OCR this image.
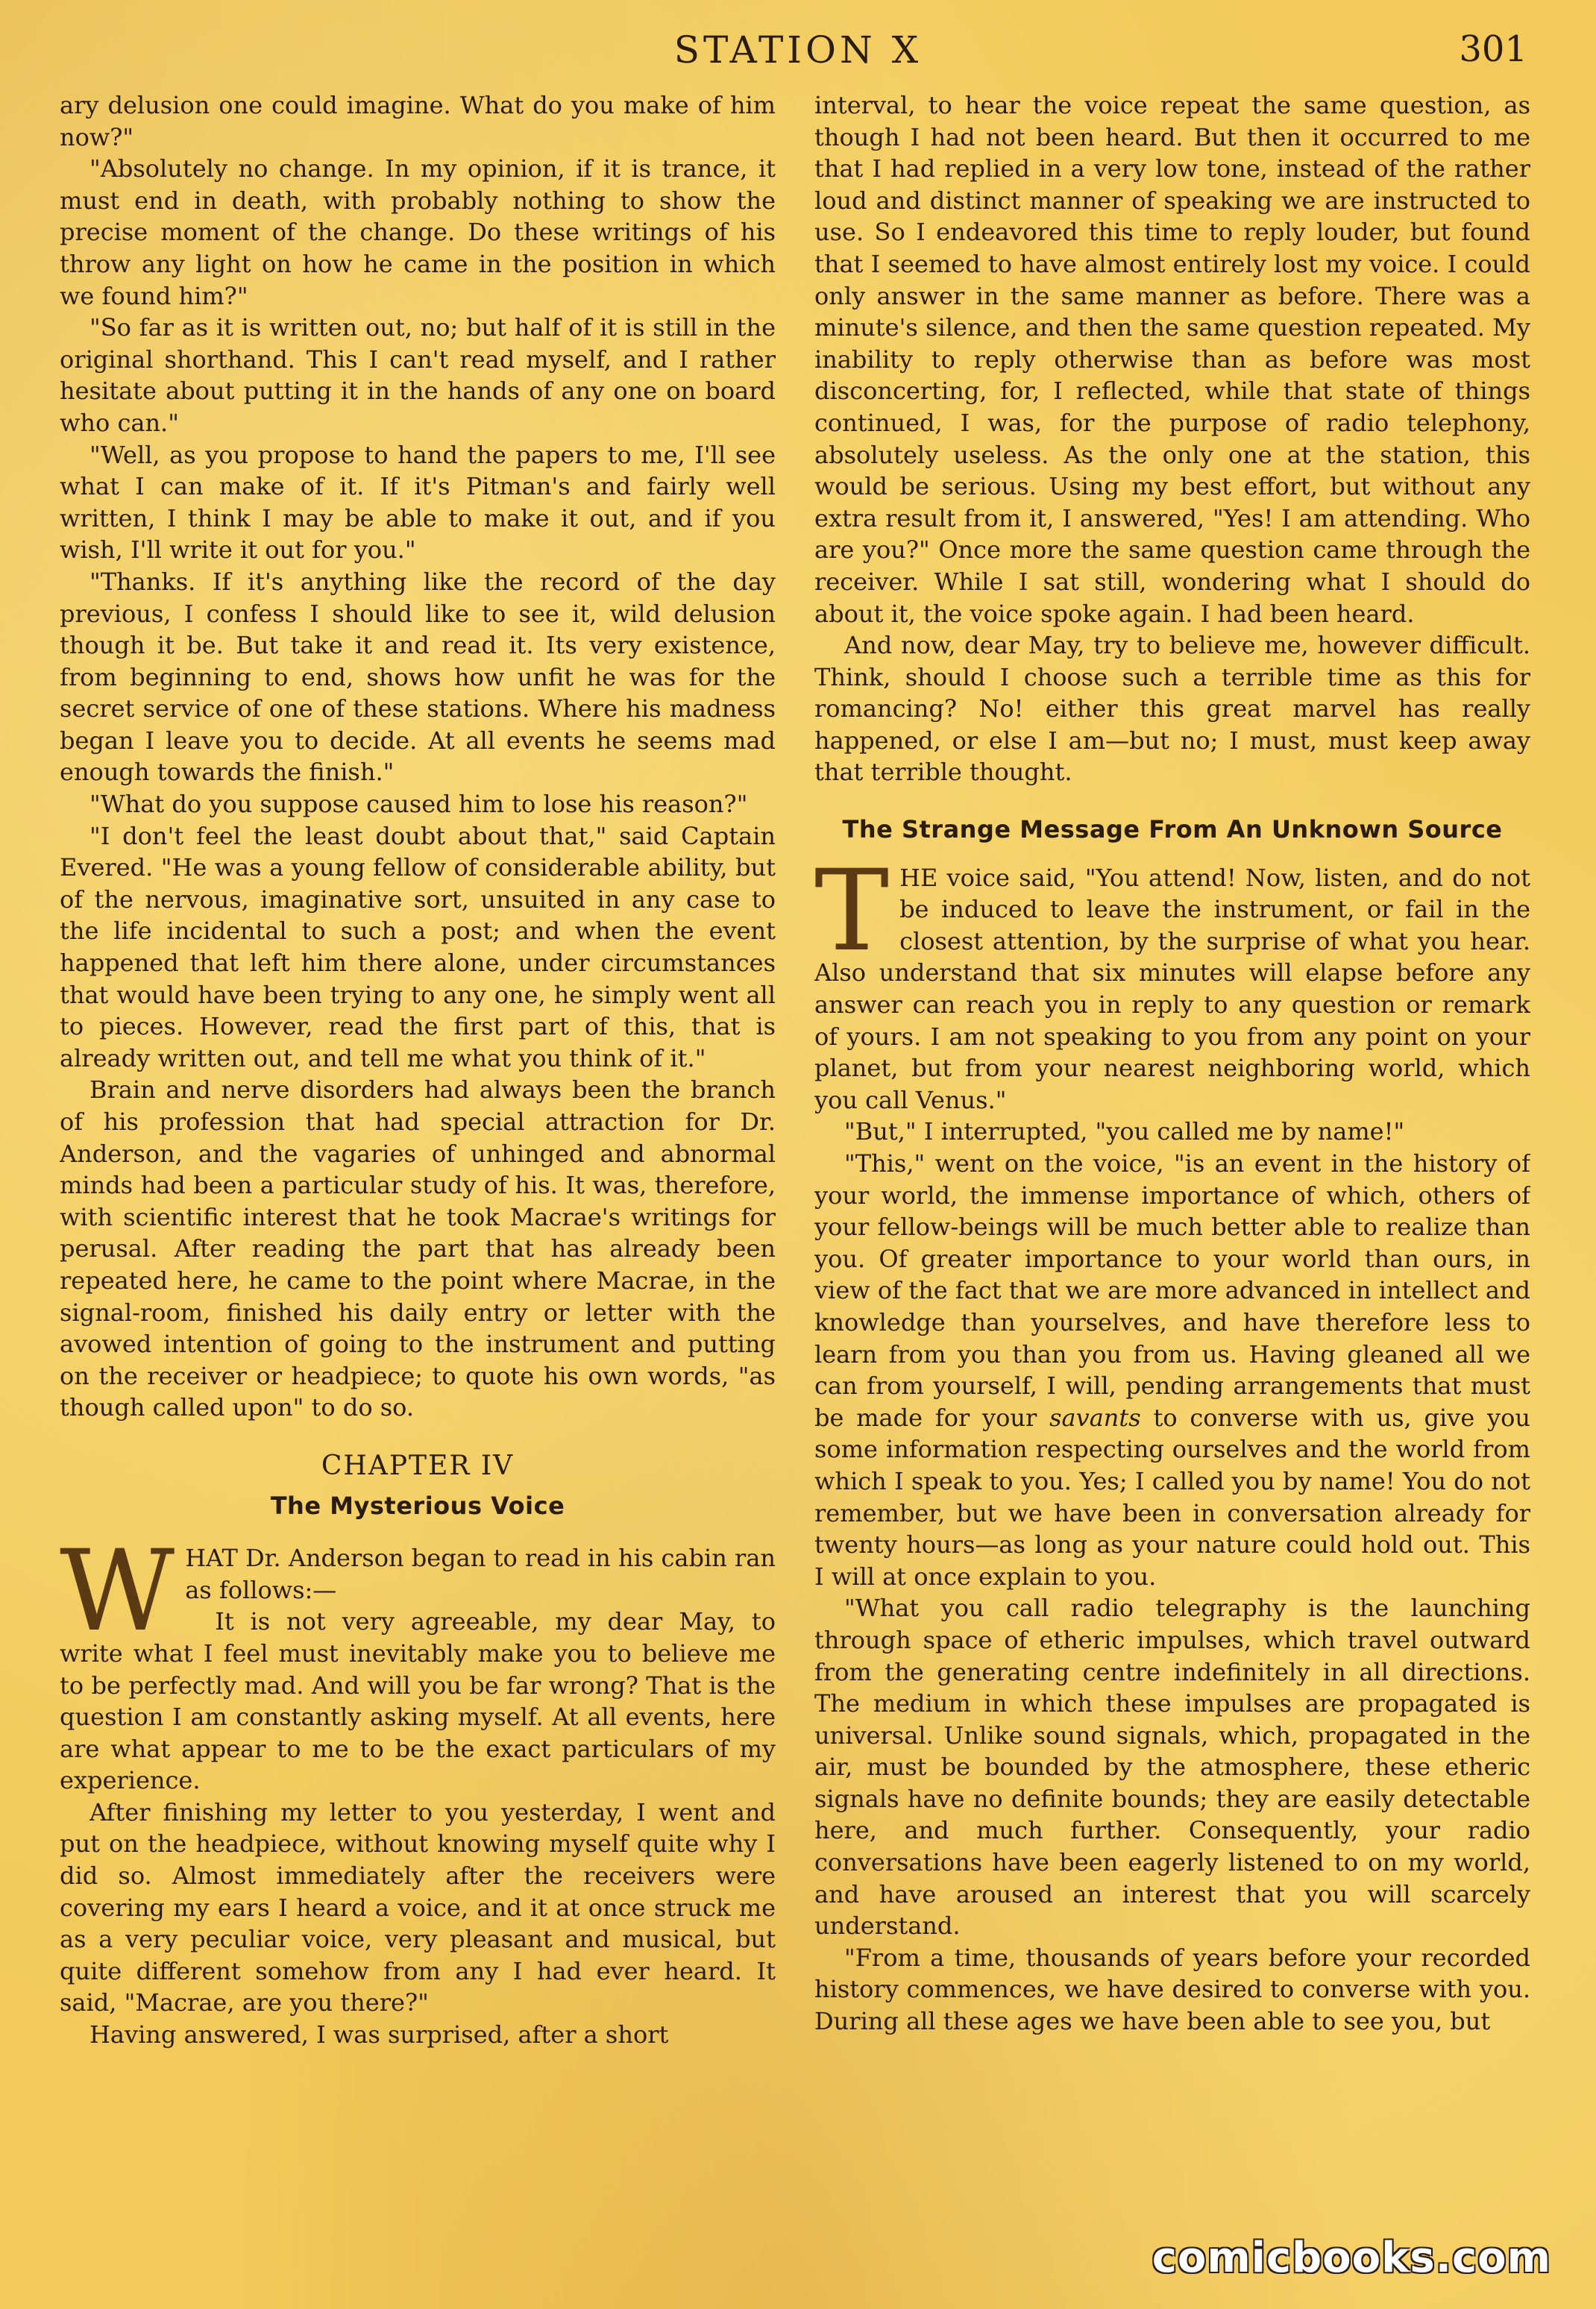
STATION X	301

ary delusion one could imagine. What do you make of him now?"

"Absolutely no change. In my opinion, if it is trance, it must end in death, with probably nothing to show the precise moment of the change. Do these writings of his throw any light on how he came in the position in which we found him?"

"So far as it is written out, no; but half of it is still in the original shorthand. This I can't read myself, and I rather hesitate about putting it in the hands of any one on board who can."

"Well, as you propose to hand the papers to me, I'll see what I can make of it. If it's Pitman's and fairly well written, I think I may be able to make it out, and if you wish, I'll write it out for you."

"Thanks. If it's anything like the record of the day previous, I confess I should like to see it, wild delusion though it be. But take it and read it. Its very existence, from beginning to end, shows how unfit he was for the secret service of one of these stations. Where his madness began I leave you to decide. At all events he seems mad enough towards the finish."

"What do you suppose caused him to lose his reason?"

"I don't feel the least doubt about that," said Captain Evered. "He was a young fellow of considerable ability, but of the nervous, imaginative sort, unsuited in any case to the life incidental to such a post; and when the event happened that left him there alone, under circumstances that would have been trying to any one, he simply went all to pieces. However, read the first part of this, that is already written out, and tell me what you think of it."

Brain and nerve disorders had always been the branch of his profession that had special attraction for Dr. Anderson, and the vagaries of unhinged and abnormal minds had been a particular study of his. It was, therefore, with scientific interest that he took Macrae's writings for perusal. After reading the part that has already been repeated here, he came to the point where Macrae, in the signal-room, finished his daily entry or letter with the avowed intention of going to the instrument and putting on the receiver or headpiece; to quote his own words, "as though called upon" to do so.

CHAPTER IV
The Mysterious Voice

WHAT Dr. Anderson began to read in his cabin ran as follows:—

It is not very agreeable, my dear May, to write what I feel must inevitably make you to believe me to be perfectly mad. And will you be far wrong? That is the question I am constantly asking myself. At all events, here are what appear to me to be the exact particulars of my experience.

After finishing my letter to you yesterday, I went and put on the headpiece, without knowing myself quite why I did so. Almost immediately after the receivers were covering my ears I heard a voice, and it at once struck me as a very peculiar voice, very pleasant and musical, but quite different somehow from any I had ever heard. It said, "Macrae, are you there?"

Having answered, I was surprised, after a short

interval, to hear the voice repeat the same question, as though I had not been heard. But then it occurred to me that I had replied in a very low tone, instead of the rather loud and distinct manner of speaking we are instructed to use. So I endeavored this time to reply louder, but found that I seemed to have almost entirely lost my voice. I could only answer in the same manner as before. There was a minute's silence, and then the same question repeated. My inability to reply otherwise than as before was most disconcerting, for, I reflected, while that state of things continued, I was, for the purpose of radio telephony, absolutely useless. As the only one at the station, this would be serious. Using my best effort, but without any extra result from it, I answered, "Yes! I am attending. Who are you?" Once more the same question came through the receiver. While I sat still, wondering what I should do about it, the voice spoke again. I had been heard.

And now, dear May, try to believe me, however difficult. Think, should I choose such a terrible time as this for romancing? No! either this great marvel has really happened, or else I am—but no; I must, must keep away that terrible thought.

The Strange Message From An Unknown Source

THE voice said, "You attend! Now, listen, and do not be induced to leave the instrument, or fail in the closest attention, by the surprise of what you hear. Also understand that six minutes will elapse before any answer can reach you in reply to any question or remark of yours. I am not speaking to you from any point on your planet, but from your nearest neighboring world, which you call Venus."

"But," I interrupted, "you called me by name!"

"This," went on the voice, "is an event in the history of your world, the immense importance of which, others of your fellow-beings will be much better able to realize than you. Of greater importance to your world than ours, in view of the fact that we are more advanced in intellect and knowledge than yourselves, and have therefore less to learn from you than you from us. Having gleaned all we can from yourself, I will, pending arrangements that must be made for your savants to converse with us, give you some information respecting ourselves and the world from which I speak to you. Yes; I called you by name! You do not remember, but we have been in conversation already for twenty hours—as long as your nature could hold out. This I will at once explain to you.

"What you call radio telegraphy is the launching through space of etheric impulses, which travel outward from the generating centre indefinitely in all directions. The medium in which these impulses are propagated is universal. Unlike sound signals, which, propagated in the air, must be bounded by the atmosphere, these etheric signals have no definite bounds; they are easily detectable here, and much further. Consequently, your radio conversations have been eagerly listened to on my world, and have aroused an interest that you will scarcely understand.

"From a time, thousands of years before your recorded history commences, we have desired to converse with you. During all these ages we have been able to see you, but

comicbooks.com
